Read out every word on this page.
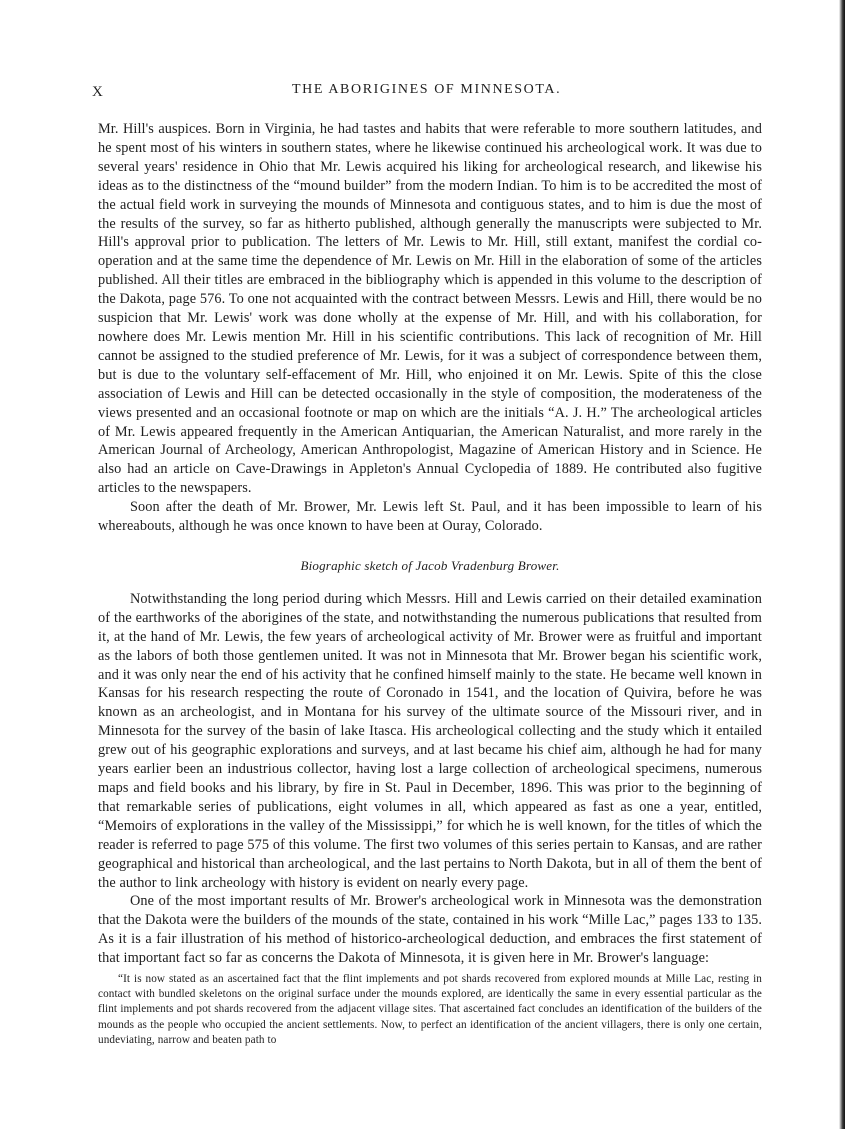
X	THE ABORIGINES OF MINNESOTA.

Mr. Hill's auspices. Born in Virginia, he had tastes and habits that were referable to more southern latitudes, and he spent most of his winters in southern states, where he likewise continued his archeological work. It was due to several years' residence in Ohio that Mr. Lewis acquired his liking for archeological research, and likewise his ideas as to the distinctness of the “mound builder” from the modern Indian. To him is to be accredited the most of the actual field work in surveying the mounds of Minnesota and contiguous states, and to him is due the most of the results of the survey, so far as hitherto published, although generally the manuscripts were subjected to Mr. Hill's approval prior to publication. The letters of Mr. Lewis to Mr. Hill, still extant, manifest the cordial co-operation and at the same time the dependence of Mr. Lewis on Mr. Hill in the elaboration of some of the articles published. All their titles are embraced in the bibliography which is appended in this volume to the description of the Dakota, page 576. To one not acquainted with the contract between Messrs. Lewis and Hill, there would be no suspicion that Mr. Lewis' work was done wholly at the expense of Mr. Hill, and with his collaboration, for nowhere does Mr. Lewis mention Mr. Hill in his scientific contributions. This lack of recognition of Mr. Hill cannot be assigned to the studied preference of Mr. Lewis, for it was a subject of correspondence between them, but is due to the voluntary self-effacement of Mr. Hill, who enjoined it on Mr. Lewis. Spite of this the close association of Lewis and Hill can be detected occasionally in the style of composition, the moderateness of the views presented and an occasional footnote or map on which are the initials “A. J. H.” The archeological articles of Mr. Lewis appeared frequently in the American Antiquarian, the American Naturalist, and more rarely in the American Journal of Archeology, American Anthropologist, Magazine of American History and in Science. He also had an article on Cave-Drawings in Appleton's Annual Cyclopedia of 1889. He contributed also fugitive articles to the newspapers.

Soon after the death of Mr. Brower, Mr. Lewis left St. Paul, and it has been impossible to learn of his whereabouts, although he was once known to have been at Ouray, Colorado.

Biographic sketch of Jacob Vradenburg Brower.

Notwithstanding the long period during which Messrs. Hill and Lewis carried on their detailed examination of the earthworks of the aborigines of the state, and notwithstanding the numerous publications that resulted from it, at the hand of Mr. Lewis, the few years of archeological activity of Mr. Brower were as fruitful and important as the labors of both those gentlemen united. It was not in Minnesota that Mr. Brower began his scientific work, and it was only near the end of his activity that he confined himself mainly to the state. He became well known in Kansas for his research respecting the route of Coronado in 1541, and the location of Quivira, before he was known as an archeologist, and in Montana for his survey of the ultimate source of the Missouri river, and in Minnesota for the survey of the basin of lake Itasca. His archeological collecting and the study which it entailed grew out of his geographic explorations and surveys, and at last became his chief aim, although he had for many years earlier been an industrious collector, having lost a large collection of archeological specimens, numerous maps and field books and his library, by fire in St. Paul in December, 1896. This was prior to the beginning of that remarkable series of publications, eight volumes in all, which appeared as fast as one a year, entitled, “Memoirs of explorations in the valley of the Mississippi,” for which he is well known, for the titles of which the reader is referred to page 575 of this volume. The first two volumes of this series pertain to Kansas, and are rather geographical and historical than archeological, and the last pertains to North Dakota, but in all of them the bent of the author to link archeology with history is evident on nearly every page.

One of the most important results of Mr. Brower's archeological work in Minnesota was the demonstration that the Dakota were the builders of the mounds of the state, contained in his work “Mille Lac,” pages 133 to 135. As it is a fair illustration of his method of historico-archeological deduction, and embraces the first statement of that important fact so far as concerns the Dakota of Minnesota, it is given here in Mr. Brower's language:

“It is now stated as an ascertained fact that the flint implements and pot shards recovered from explored mounds at Mille Lac, resting in contact with bundled skeletons on the original surface under the mounds explored, are identically the same in every essential particular as the flint implements and pot shards recovered from the adjacent village sites. That ascertained fact concludes an identification of the builders of the mounds as the people who occupied the ancient settlements. Now, to perfect an identification of the ancient villagers, there is only one certain, undeviating, narrow and beaten path to
